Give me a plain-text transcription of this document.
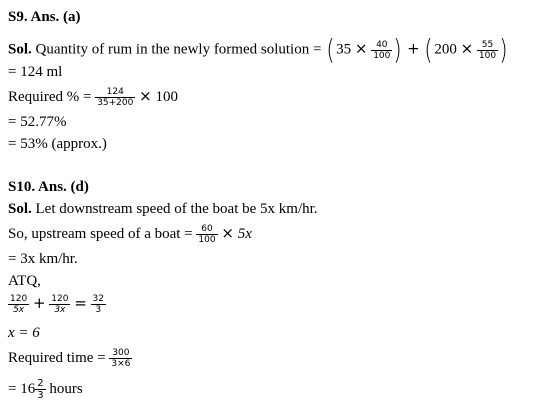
S9. Ans. (a)
Sol. Quantity of rum in the newly formed solution = ($35 \times \frac{40}{100}$ ) + ($200 \times \frac{55}{100}$ )
= 124 ml
Required % = $\frac{124}{35+200} \times 100$
= 52.77%
= 53% (approx.)
S10. Ans. (d)
Sol. Let downstream speed of the boat be 5x km/hr.
So, upstream speed of a boat = $\frac{60}{100} \times 5x$
= 3x km/hr.
ATQ,
$\frac{120}{5x} + \frac{120}{3x} = \frac{32}{3}$
x = 6
Required time = $\frac{300}{3\times 6}$
= $16 \frac{2}{3}$ hours
